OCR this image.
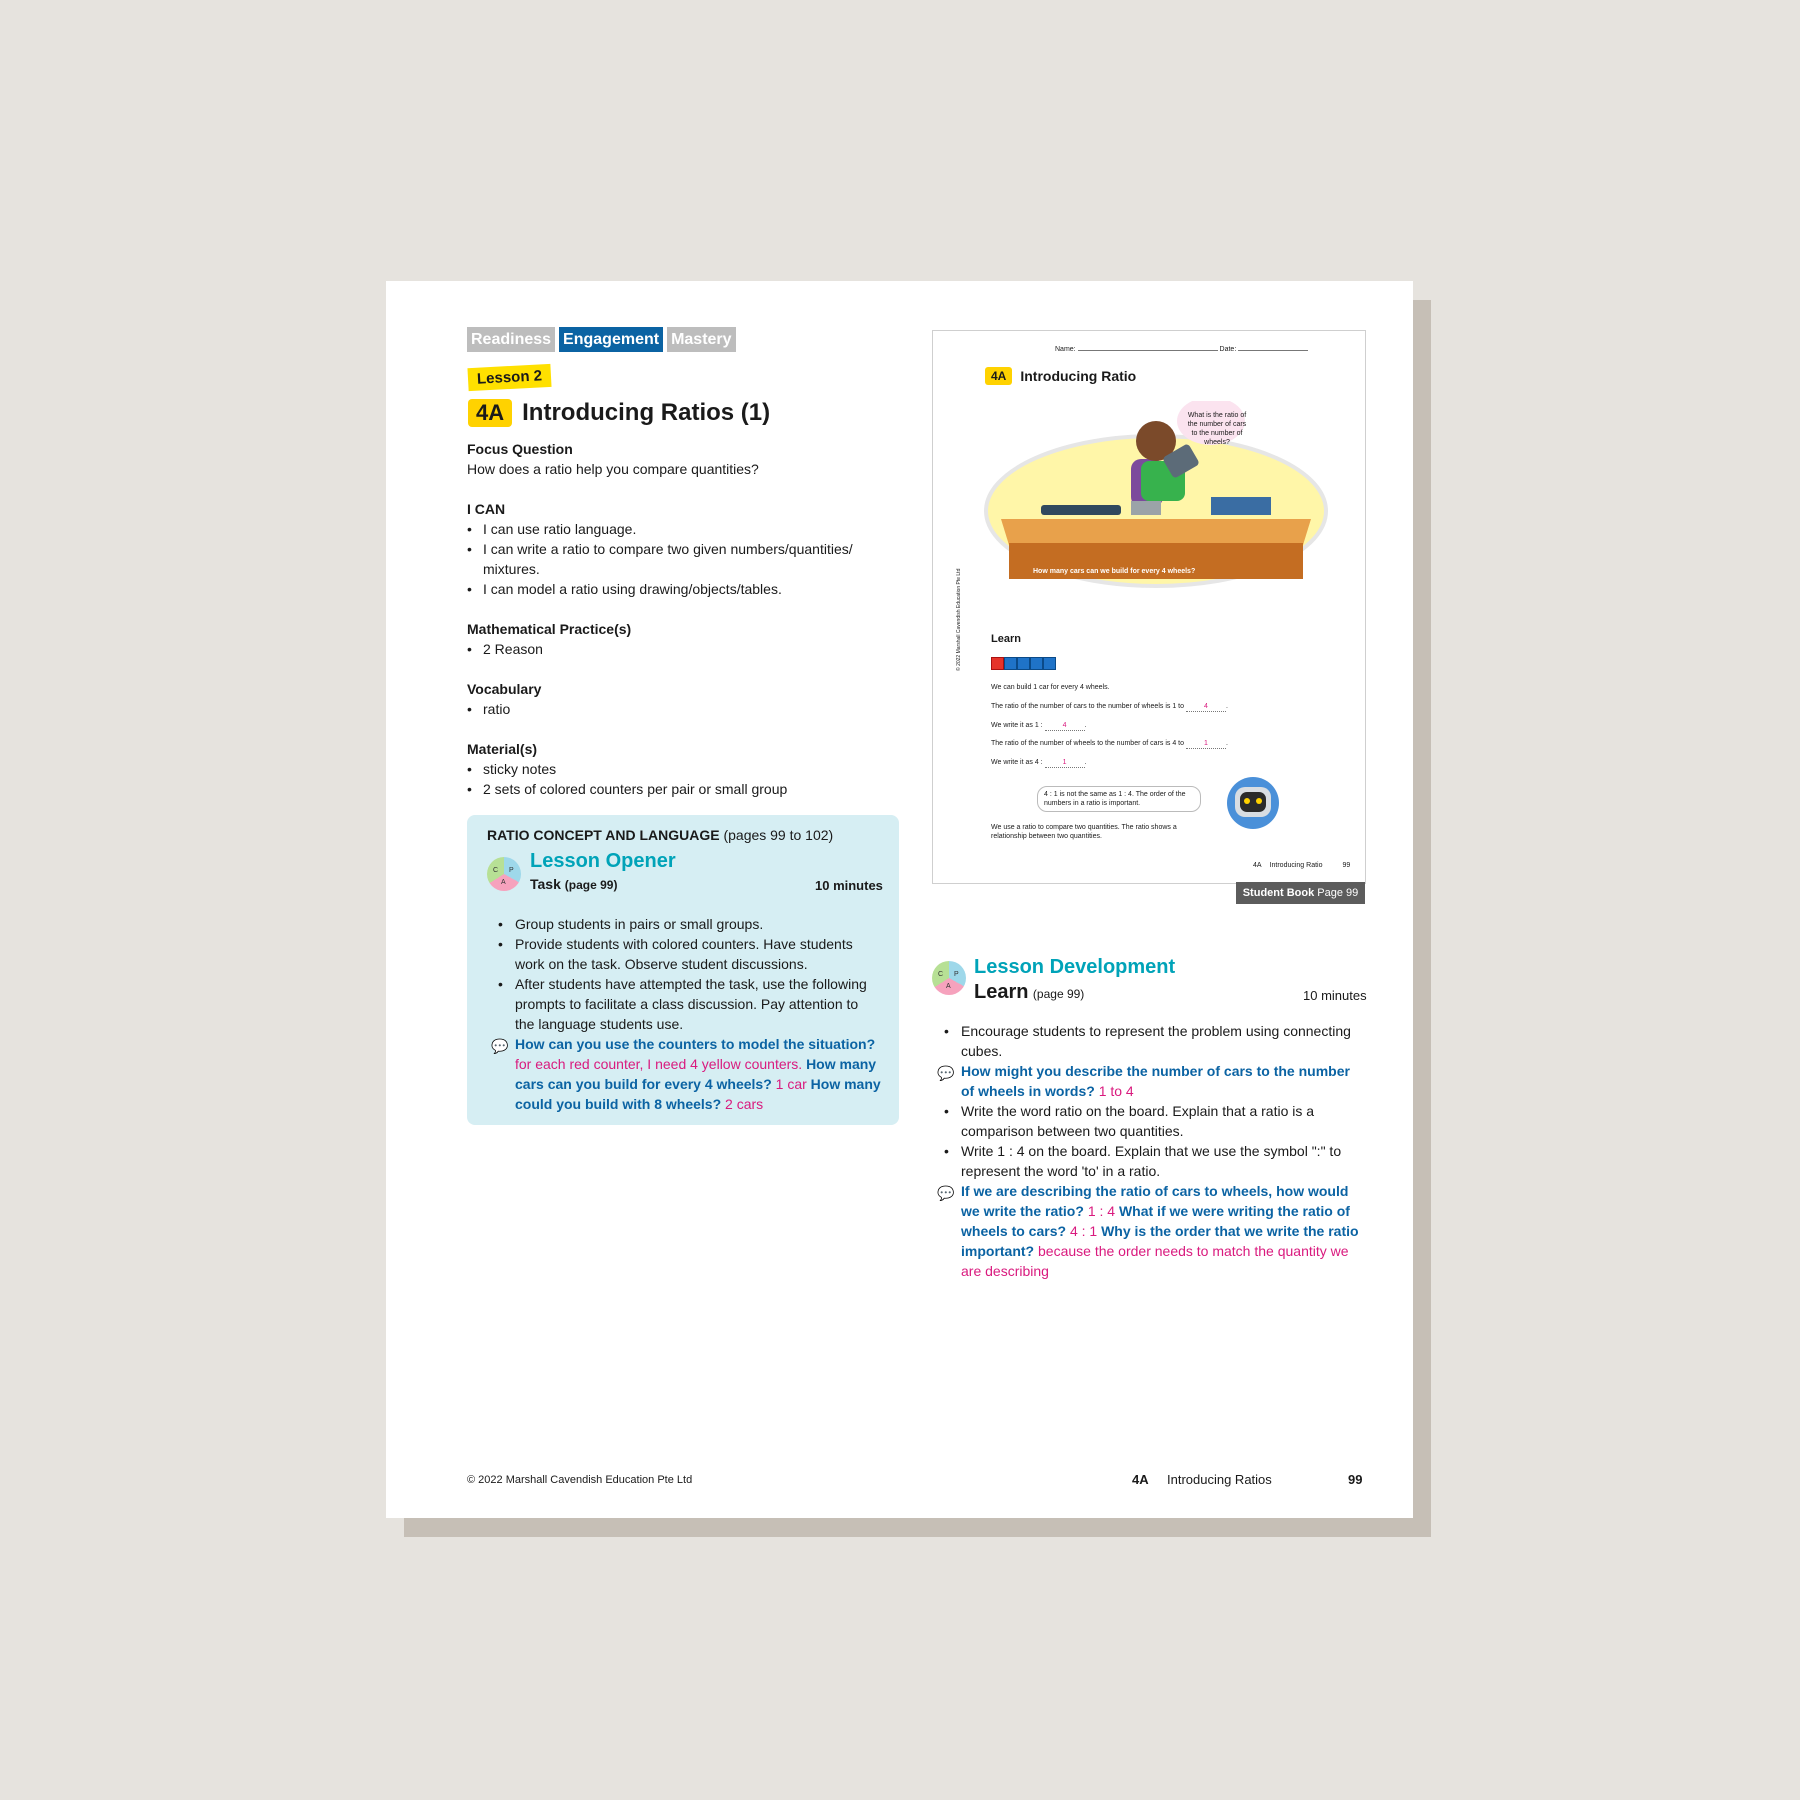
Readiness Engagement Mastery
Lesson 2
4A Introducing Ratios (1)
Focus Question

How does a ratio help you compare quantities?

I CAN
• I can use ratio language.
• I can write a ratio to compare two given numbers/quantities/ mixtures.
• I can model a ratio using drawing/objects/tables.
Mathematical Practice(s)
• 2 Reason
Vocabulary
• ratio
Material(s)
• sticky notes
• 2 sets of colored counters per pair or small group
RATIO CONCEPT AND LANGUAGE (pages 99 to 102)
C P
A
Lesson Opener
Task (page 99)	10 minutes
• Group students in pairs or small groups.
• Provide students with colored counters. Have students work on the task. Observe student discussions.
• After students have attempted the task, use the following prompts to facilitate a class discussion. Pay attention to the language students use.
💬 How can you use the counters to model the situation? for each red counter, I need 4 yellow counters. How many cars can you build for every 4 wheels? 1 car How many could you build with 8 wheels? 2 cars
Name:	Date:
4A	Introducing Ratio
What is the ratio of the number of cars to the number of wheels?
How many cars can we build for every 4 wheels?
Learn
We can build 1 car for every 4 wheels.
The ratio of the number of cars to the number of wheels is 1 to	4	.
We write it as 1 :	4	.
The ratio of the number of wheels to the number of cars is 4 to	1	.
We write it as 4 :	1	.
4 : 1 is not the same as 1 : 4. The order of the numbers in a ratio is important.
We use a ratio to compare two quantities. The ratio shows a relationship between two quantities.
© 2022 Marshall Cavendish Education Pte Ltd
4A Introducing Ratio	99
Student Book Page 99
C P
A
Lesson Development
Learn (page 99)	10 minutes
• Encourage students to represent the problem using connecting cubes.
💬 How might you describe the number of cars to the number of wheels in words? 1 to 4
• Write the word ratio on the board. Explain that a ratio is a comparison between two quantities.
• Write 1 : 4 on the board. Explain that we use the symbol ":" to represent the word 'to' in a ratio.
💬 If we are describing the ratio of cars to wheels, how would we write the ratio? 1 : 4 What if we were writing the ratio of wheels to cars? 4 : 1 Why is the order that we write the ratio important? because the order needs to match the quantity we are describing
© 2022 Marshall Cavendish Education Pte Ltd	4A Introducing Ratios	99
